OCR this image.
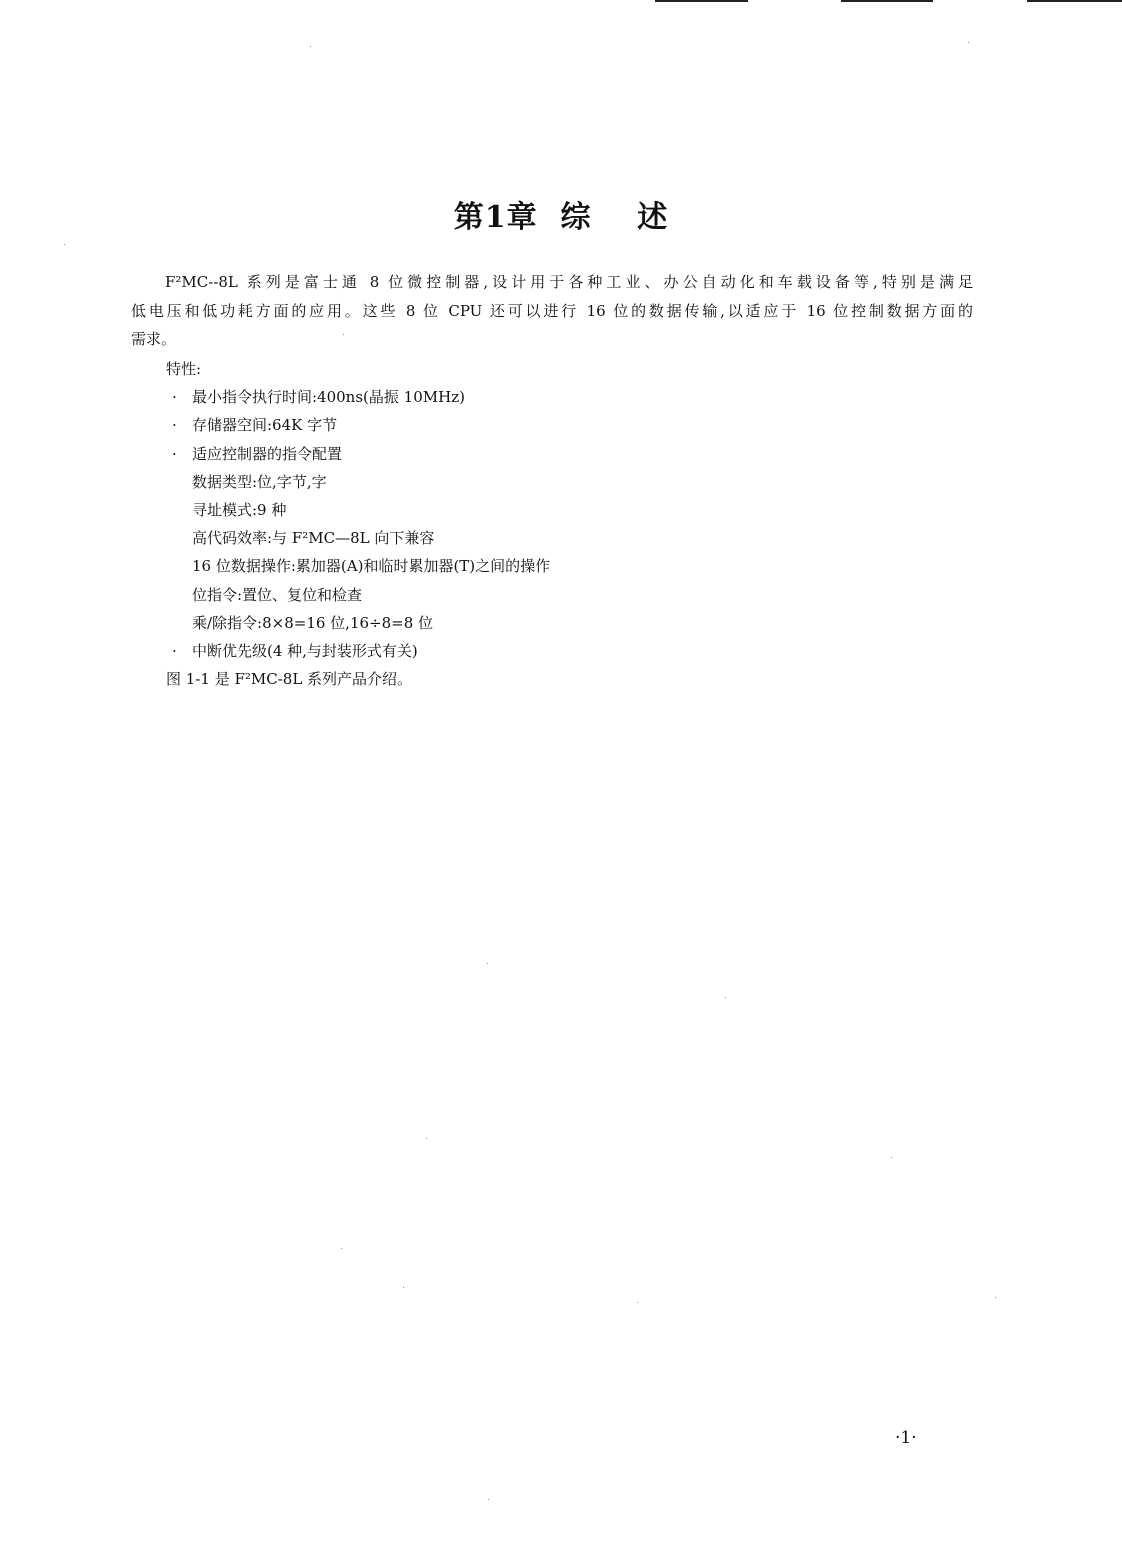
第1章  综    述

F²MC--8L 系列是富士通 8 位微控制器,设计用于各种工业、办公自动化和车载设备等,特别是满足
低电压和低功耗方面的应用。这些 8 位 CPU 还可以进行 16 位的数据传输,以适应于 16 位控制数据方面的
需求。

特性:
· 最小指令执行时间:400ns(晶振 10MHz)
· 存储器空间:64K 字节
· 适应控制器的指令配置
数据类型:位,字节,字
寻址模式:9 种
高代码效率:与 F²MC—8L 向下兼容
16 位数据操作:累加器(A)和临时累加器(T)之间的操作
位指令:置位、复位和检查
乘/除指令:8×8=16 位,16÷8=8 位
· 中断优先级(4 种,与封装形式有关)
图 1-1 是 F²MC-8L 系列产品介绍。
·1·
